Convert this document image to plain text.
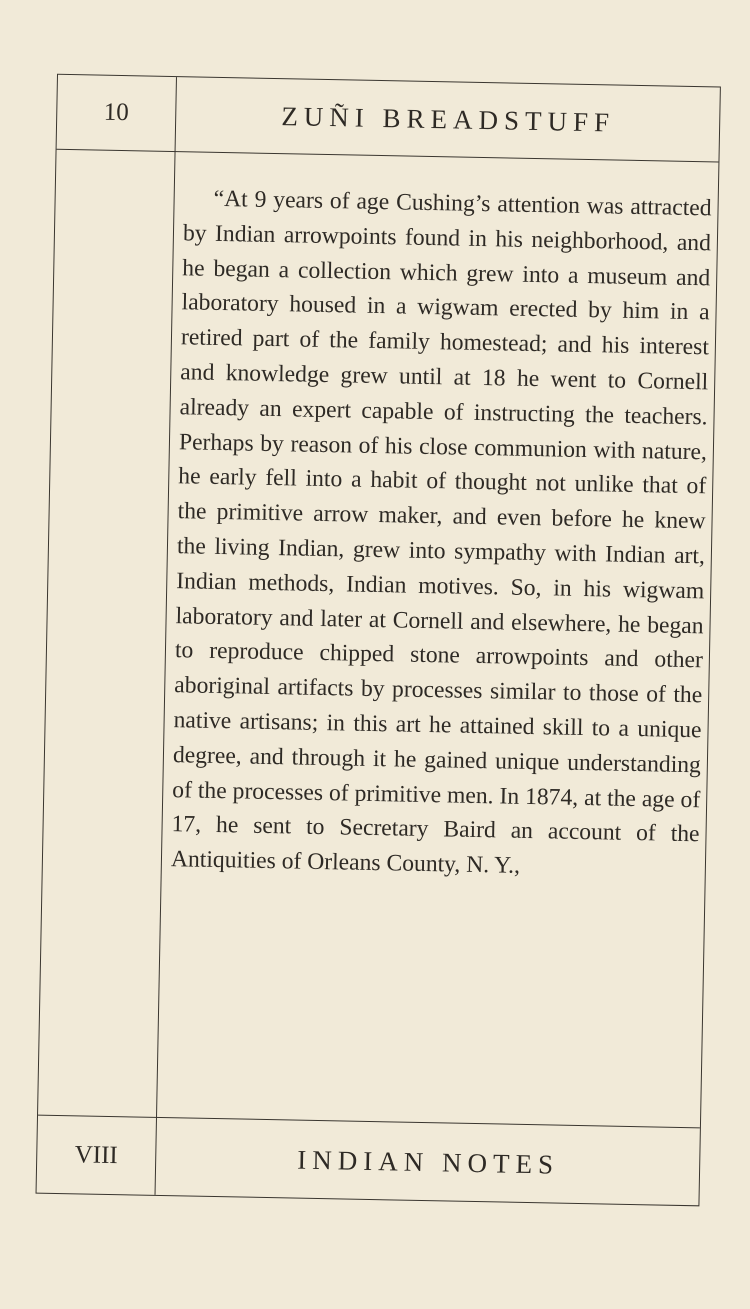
10	ZUÑI BREADSTUFF
“At 9 years of age Cushing’s attention was attracted by Indian arrowpoints found in his neighborhood, and he began a collection which grew into a museum and laboratory housed in a wigwam erected by him in a retired part of the family homestead; and his interest and knowledge grew until at 18 he went to Cornell already an expert capable of instructing the teachers. Perhaps by reason of his close communion with nature, he early fell into a habit of thought not unlike that of the primitive arrow maker, and even before he knew the living Indian, grew into sympathy with Indian art, Indian methods, Indian motives. So, in his wigwam laboratory and later at Cornell and elsewhere, he began to reproduce chipped stone arrowpoints and other aboriginal artifacts by processes similar to those of the native artisans; in this art he attained skill to a unique degree, and through it he gained unique understanding of the processes of primitive men. In 1874, at the age of 17, he sent to Secretary Baird an account of the Antiquities of Orleans County, N. Y.,
VIII	INDIAN NOTES
